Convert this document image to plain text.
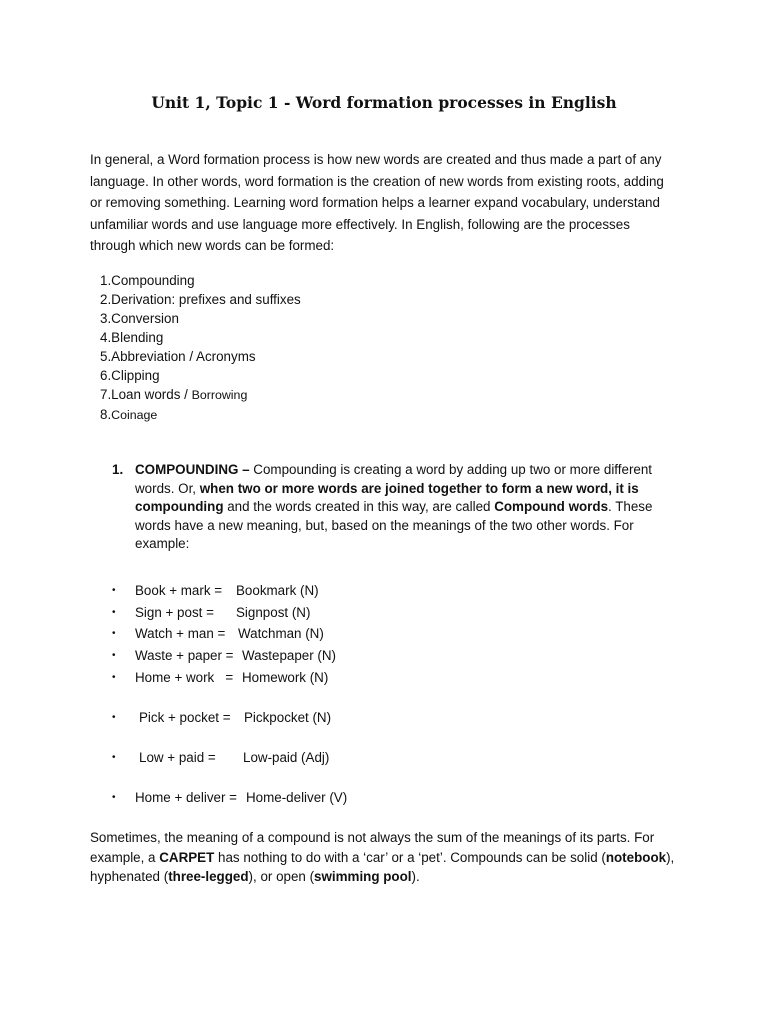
Unit 1, Topic 1 - Word formation processes in English

In general, a Word formation process is how new words are created and thus made a part of any language. In other words, word formation is the creation of new words from existing roots, adding or removing something. Learning word formation helps a learner expand vocabulary, understand unfamiliar words and use language more effectively. In English, following are the processes through which new words can be formed:

1.Compounding
2.Derivation: prefixes and suffixes
3.Conversion
4.Blending
5.Abbreviation / Acronyms
6.Clipping
7.Loan words / Borrowing
8.Coinage
1. COMPOUNDING – Compounding is creating a word by adding up two or more different words. Or, when two or more words are joined together to form a new word, it is compounding and the words created in this way, are called Compound words. These words have a new meaning, but, based on the meanings of the two other words. For example:
• Book + mark = Bookmark (N)
• Sign + post = Signpost (N)
• Watch + man = Watchman (N)
• Waste + paper = Wastepaper (N)
• Home + work   = Homework (N)
• Pick + pocket = Pickpocket (N)
• Low + paid = Low-paid (Adj)
• Home + deliver = Home-deliver (V)

Sometimes, the meaning of a compound is not always the sum of the meanings of its parts. For example, a CARPET has nothing to do with a ‘car’ or a ‘pet’. Compounds can be solid (notebook), hyphenated (three-legged), or open (swimming pool).
